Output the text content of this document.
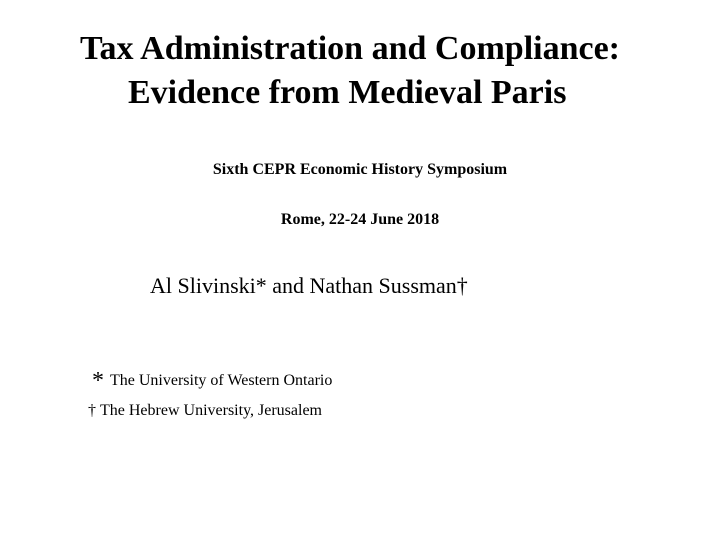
Tax Administration and Compliance:
Evidence from Medieval Paris
Sixth CEPR Economic History Symposium
Rome, 22-24 June 2018
Al Slivinski* and Nathan Sussman†
* The University of Western Ontario
† The Hebrew University, Jerusalem
